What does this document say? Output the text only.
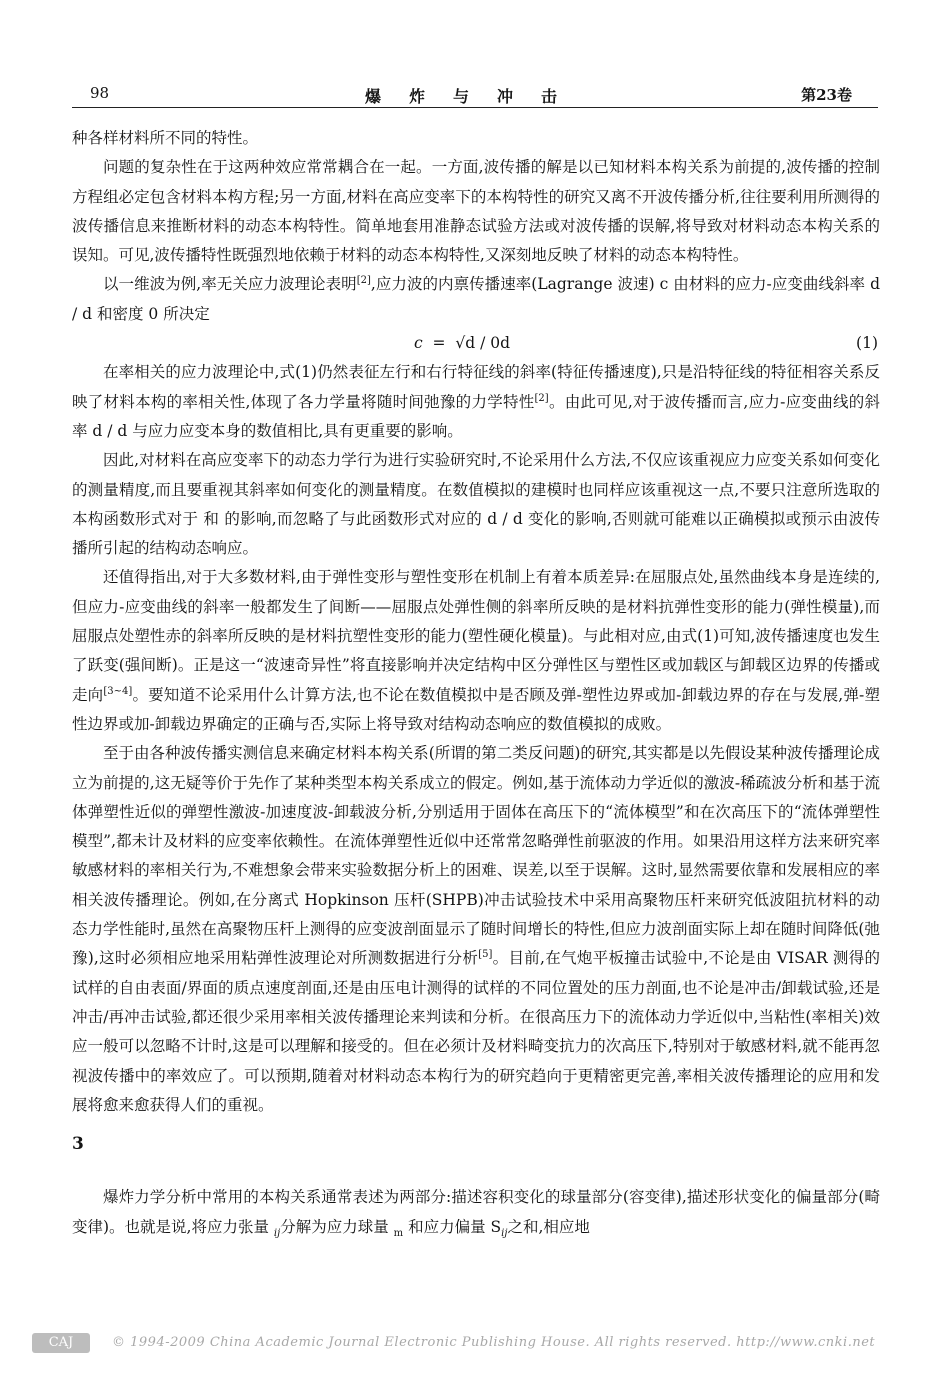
98	爆炸与冲击	第23卷

种各样材料所不同的特性。

问题的复杂性在于这两种效应常常耦合在一起。一方面,波传播的解是以已知材料本构关系为前提的,波传播的控制方程组必定包含材料本构方程;另一方面,材料在高应变率下的本构特性的研究又离不开波传播分析,往往要利用所测得的波传播信息来推断材料的动态本构特性。简单地套用准静态试验方法或对波传播的误解,将导致对材料动态本构关系的误知。可见,波传播特性既强烈地依赖于材料的动态本构特性,又深刻地反映了材料的动态本构特性。

以一维波为例,率无关应力波理论表明[2],应力波的内禀传播速率(Lagrange 波速) c 由材料的应力-应变曲线斜率 d / d 和密度 0 所决定

c = √d / 0d	(1)

在率相关的应力波理论中,式(1)仍然表征左行和右行特征线的斜率(特征传播速度),只是沿特征线的特征相容关系反映了材料本构的率相关性,体现了各力学量将随时间弛豫的力学特性[2]。由此可见,对于波传播而言,应力-应变曲线的斜率 d / d 与应力应变本身的数值相比,具有更重要的影响。

因此,对材料在高应变率下的动态力学行为进行实验研究时,不论采用什么方法,不仅应该重视应力应变关系如何变化的测量精度,而且要重视其斜率如何变化的测量精度。在数值模拟的建模时也同样应该重视这一点,不要只注意所选取的本构函数形式对于 和 的影响,而忽略了与此函数形式对应的 d / d 变化的影响,否则就可能难以正确模拟或预示由波传播所引起的结构动态响应。

还值得指出,对于大多数材料,由于弹性变形与塑性变形在机制上有着本质差异:在屈服点处,虽然曲线本身是连续的,但应力-应变曲线的斜率一般都发生了间断——屈服点处弹性侧的斜率所反映的是材料抗弹性变形的能力(弹性模量),而屈服点处塑性赤的斜率所反映的是材料抗塑性变形的能力(塑性硬化模量)。与此相对应,由式(1)可知,波传播速度也发生了跃变(强间断)。正是这一“波速奇异性”将直接影响并决定结构中区分弹性区与塑性区或加载区与卸载区边界的传播或走向[3~4]。要知道不论采用什么计算方法,也不论在数值模拟中是否顾及弹-塑性边界或加-卸载边界的存在与发展,弹-塑性边界或加-卸载边界确定的正确与否,实际上将导致对结构动态响应的数值模拟的成败。

至于由各种波传播实测信息来确定材料本构关系(所谓的第二类反问题)的研究,其实都是以先假设某种波传播理论成立为前提的,这无疑等价于先作了某种类型本构关系成立的假定。例如,基于流体动力学近似的激波-稀疏波分析和基于流体弹塑性近似的弹塑性激波-加速度波-卸载波分析,分别适用于固体在高压下的“流体模型”和在次高压下的“流体弹塑性模型”,都未计及材料的应变率依赖性。在流体弹塑性近似中还常常忽略弹性前驱波的作用。如果沿用这样方法来研究率敏感材料的率相关行为,不难想象会带来实验数据分析上的困难、误差,以至于误解。这时,显然需要依靠和发展相应的率相关波传播理论。例如,在分离式 Hopkinson 压杆(SHPB)冲击试验技术中采用高聚物压杆来研究低波阻抗材料的动态力学性能时,虽然在高聚物压杆上测得的应变波剖面显示了随时间增长的特性,但应力波剖面实际上却在随时间降低(弛豫),这时必须相应地采用粘弹性波理论对所测数据进行分析[5]。目前,在气炮平板撞击试验中,不论是由 VISAR 测得的试样的自由表面/界面的质点速度剖面,还是由压电计测得的试样的不同位置处的压力剖面,也不论是冲击/卸载试验,还是冲击/再冲击试验,都还很少采用率相关波传播理论来判读和分析。在很高压力下的流体动力学近似中,当粘性(率相关)效应一般可以忽略不计时,这是可以理解和接受的。但在必须计及材料畸变抗力的次高压下,特别对于敏感材料,就不能再忽视波传播中的率效应了。可以预期,随着对材料动态本构行为的研究趋向于更精密更完善,率相关波传播理论的应用和发展将愈来愈获得人们的重视。

3

爆炸力学分析中常用的本构关系通常表述为两部分:描述容积变化的球量部分(容变律),描述形状变化的偏量部分(畸变律)。也就是说,将应力张量 $_{ij}$分解为应力球量 $_m$ 和应力偏量 $S_{ij}$之和,相应地

CAJ	© 1994-2009 China Academic Journal Electronic Publishing House. All rights reserved. http://www.cnki.net
